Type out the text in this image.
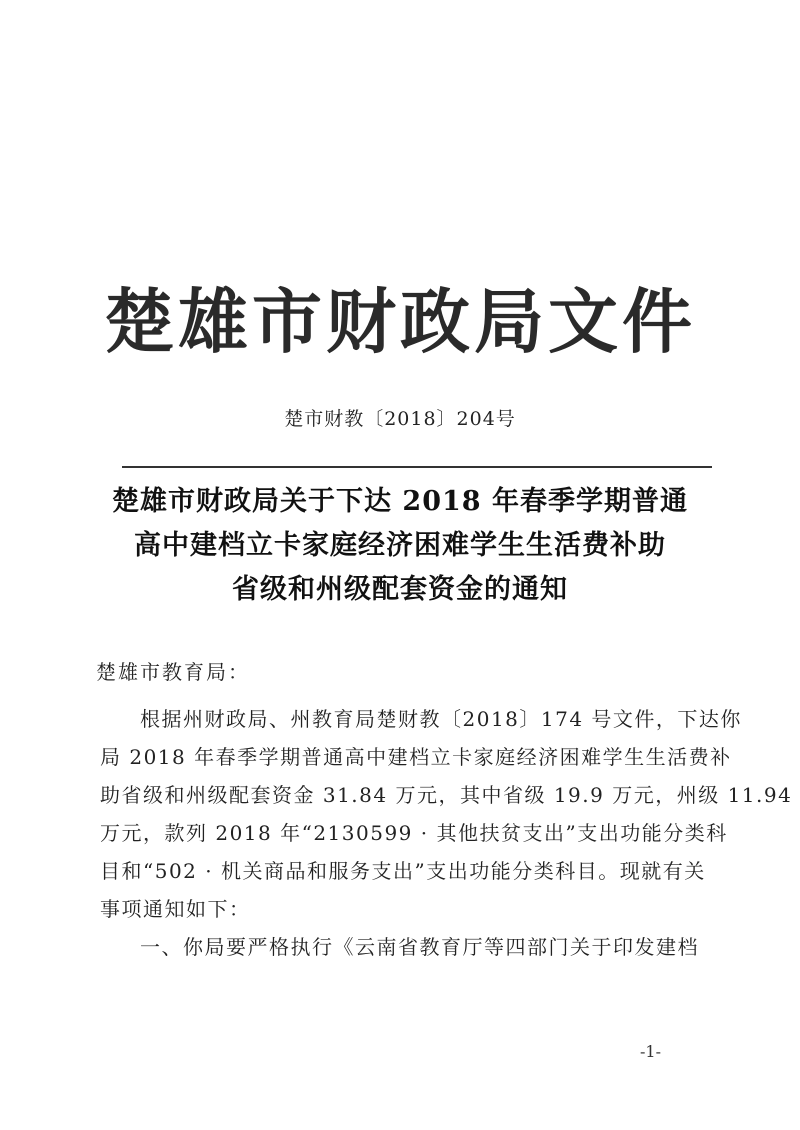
楚雄市财政局文件
楚市财教〔2018〕204号
楚雄市财政局关于下达 2018 年春季学期普通
高中建档立卡家庭经济困难学生生活费补助
省级和州级配套资金的通知
楚雄市教育局：
根据州财政局、州教育局楚财教〔2018〕174 号文件，下达你
局 2018 年春季学期普通高中建档立卡家庭经济困难学生生活费补
助省级和州级配套资金 31.84 万元，其中省级 19.9 万元，州级 11.94
万元，款列 2018 年“2130599 · 其他扶贫支出”支出功能分类科
目和“502 · 机关商品和服务支出”支出功能分类科目。现就有关
事项通知如下：
一、你局要严格执行《云南省教育厅等四部门关于印发建档
-1-
